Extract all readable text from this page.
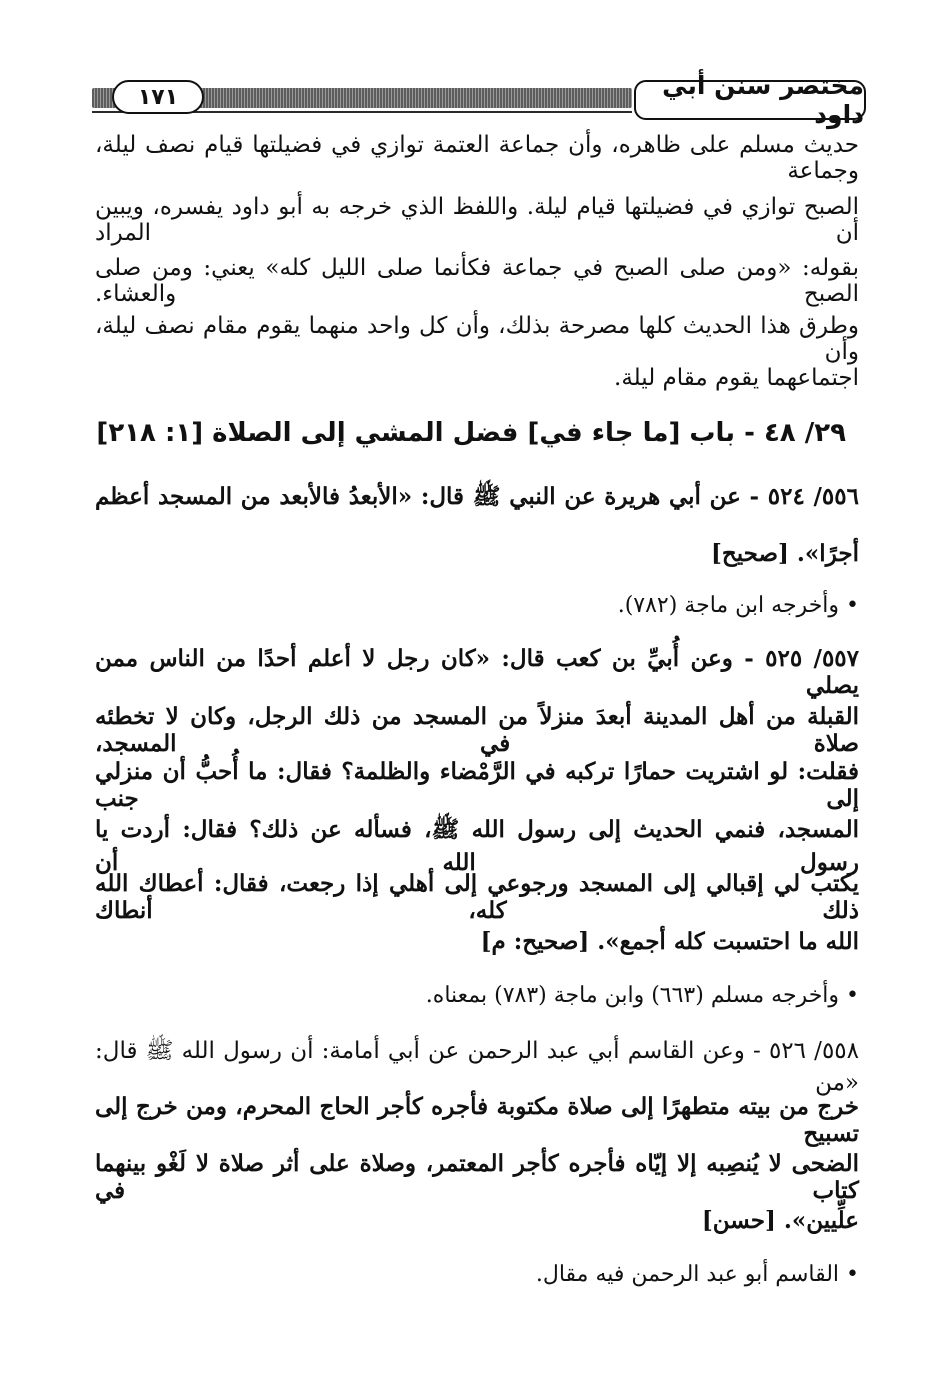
١٧١	مختصر سنن أبي داود
حديث مسلم على ظاهره، وأن جماعة العتمة توازي في فضيلتها قيام نصف ليلة، وجماعة
الصبح توازي في فضيلتها قيام ليلة. واللفظ الذي خرجه به أبو داود يفسره، ويبين أن المراد
بقوله: «ومن صلى الصبح في جماعة فكأنما صلى الليل كله» يعني: ومن صلى الصبح والعشاء.
وطرق هذا الحديث كلها مصرحة بذلك، وأن كل واحد منهما يقوم مقام نصف ليلة، وأن
اجتماعهما يقوم مقام ليلة.
٢٩/ ٤٨ - باب [ما جاء في] فضل المشي إلى الصلاة [١: ٢١٨]
٥٥٦/ ٥٢٤ - عن أبي هريرة عن النبي ﷺ قال: «الأبعدُ فالأبعد من المسجد أعظم
أجرًا». [صحيح]
• وأخرجه ابن ماجة (٧٨٢).
٥٥٧/ ٥٢٥ - وعن أُبيِّ بن كعب قال: «كان رجل لا أعلم أحدًا من الناس ممن يصلي
القبلة من أهل المدينة أبعدَ منزلاً من المسجد من ذلك الرجل، وكان لا تخطئه صلاة في المسجد،
فقلت: لو اشتريت حمارًا تركبه في الرَّمْضاء والظلمة؟ فقال: ما أُحبُّ أن منزلي إلى جنب
المسجد، فنمي الحديث إلى رسول الله ﷺ، فسأله عن ذلك؟ فقال: أردت يا رسول الله أن
يكتب لي إقبالي إلى المسجد ورجوعي إلى أهلي إذا رجعت، فقال: أعطاك الله ذلك كله، أنطاك
الله ما احتسبت كله أجمع». [صحيح: م]
• وأخرجه مسلم (٦٦٣) وابن ماجة (٧٨٣) بمعناه.
٥٥٨/ ٥٢٦ - وعن القاسم أبي عبد الرحمن عن أبي أمامة: أن رسول الله ﷺ قال: «من
خرج من بيته متطهرًا إلى صلاة مكتوبة فأجره كأجر الحاج المحرم، ومن خرج إلى تسبيح
الضحى لا يُنصِبه إلا إيّاه فأجره كأجر المعتمر، وصلاة على أثر صلاة لا لَغْو بينهما كتاب في
علِّيين». [حسن]
• القاسم أبو عبد الرحمن فيه مقال.
